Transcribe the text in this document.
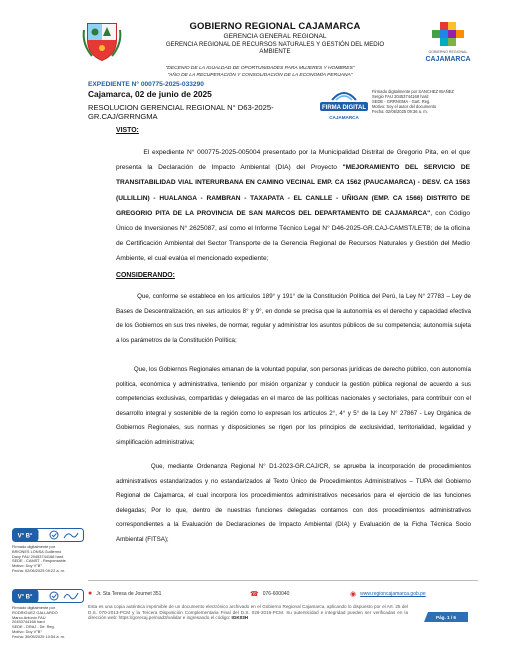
GOBIERNO REGIONAL CAJAMARCA
GERENCIA GENERAL REGIONAL
GERENCIA REGIONAL DE RECURSOS NATURALES Y GESTIÓN DEL MEDIO
AMBIENTE	GOBIERNO REGIONAL
CAJAMARCA
"DECENIO DE LA IGUALDAD DE OPORTUNIDADES PARA MUJERES Y HOMBRES"
"AÑO DE LA RECUPERACIÓN Y CONSOLIDACIÓN DE LA ECONOMÍA PERUANA"
EXPEDIENTE N° 000775-2025-033290
Cajamarca, 02 de junio de 2025
RESOLUCION GERENCIAL REGIONAL N° D63-2025-
GR.CAJ/GRRNGMA
FIRMA DIGITAL
CAJAMARCA
Firmado digitalmente por SANCHEZ IBAÑEZ
Sergio FAU 20453744168 hard
SEDE - GRRNGMA - Gart. Reg.
Motivo: Soy el autor del documento
Fecha: 02/06/2025 09:36 a. m.
VISTO:
El expediente N° 000775-2025-005004 presentado por la Municipalidad Distrital de Gregorio Pita, en el que presenta la Declaración de Impacto Ambiental (DIA) del Proyecto "MEJORAMIENTO DEL SERVICIO DE TRANSITABILIDAD VIAL INTERURBANA EN CAMINO VECINAL EMP. CA 1562 (PAUCAMARCA) - DESV. CA 1563 (ULLILLIN) - HUALANGA - RAMBRAN - TAXAPATA - EL CANLLE - UÑIGAN (EMP. CA 1566) DISTRITO DE GREGORIO PITA DE LA PROVINCIA DE SAN MARCOS DEL DEPARTAMENTO DE CAJAMARCA", con Código Único de Inversiones N° 2625087, así como el Informe Técnico Legal N° D46-2025-GR.CAJ-CAMST/LETB; de la oficina de Certificación Ambiental del Sector Transporte de la Gerencia Regional de Recursos Naturales y Gestión del Medio Ambiente, el cual evalúa el mencionado expediente;
CONSIDERANDO:
Que, conforme se establece en los artículos 189° y 191° de la Constitución Política del Perú, la Ley N° 27783 – Ley de Bases de Descentralización, en sus artículos 8° y 9°, en donde se precisa que la autonomía es el derecho y capacidad efectiva de los Gobiernos en sus tres niveles, de normar, regular y administrar los asuntos públicos de su competencia; autonomía sujeta a los parámetros de la Constitución Política;
Que, los Gobiernos Regionales emanan de la voluntad popular, son personas jurídicas de derecho público, con autonomía política, económica y administrativa, teniendo por misión organizar y conducir la gestión pública regional de acuerdo a sus competencias exclusivas, compartidas y delegadas en el marco de las políticas nacionales y sectoriales, para contribuir con el desarrollo integral y sostenible de la región como lo expresan los artículos 2°, 4° y 5° de la Ley N° 27867 - Ley Orgánica de Gobiernos Regionales, sus normas y disposiciones se rigen por los principios de exclusividad, territorialidad, legalidad y simplificación administrativa;
Que, mediante Ordenanza Regional N° D1-2023-GR.CAJ/CR, se aprueba la incorporación de procedimientos administrativos estandarizados y no estandarizados al Texto Único de Procedimientos Administrativos – TUPA del Gobierno Regional de Cajamarca, el cual incorpora los procedimientos administrativos necesarios para el ejercicio de las funciones delegadas; Por lo que, dentro de nuestras funciones delegadas contamos con dos procedimientos administrativos correspondientes a la Evaluación de Declaraciones de Impacto Ambiental (DIA) y Evaluación de la Ficha Técnica Socio Ambiental (FITSA);
V° B°
Firmado digitalmente por
BRIONES LONSA Guillermo
Davy FAU 20453744168 hard
SEDE - CAMST - Responsable
Motivo: Doy V°B°
Fecha: 02/06/2025 09:22 a. m.
V° B°
Firmado digitalmente por
RODRIGUEZ GALLARDO
Marco Antonio FAU
20453744168 hard
SEDE - DRAJ - Dir. Reg.
Motivo: Doy V°B°
Fecha: 30/05/2025 10:54 a. m.
● Jr. Sta Teresa de Journet 351	☎ 076-600040	◉ www.regioncajamarca.gob.pe
Esta es una copia auténtica imprimible de un documento electrónico archivado en el Gobierno Regional Cajamarca, aplicando lo dispuesto por el Art. 25 del D.S. 070-2013-PCM y la Tercera Disposición Complementaria Final del D.S. 026-2016-PCM. Su autenticidad e integridad pueden ser verificadas en la dirección web: https://gorecaj.pe/mad3/validar e ingresando el código: IGK03H	Pág. 1 / 6
